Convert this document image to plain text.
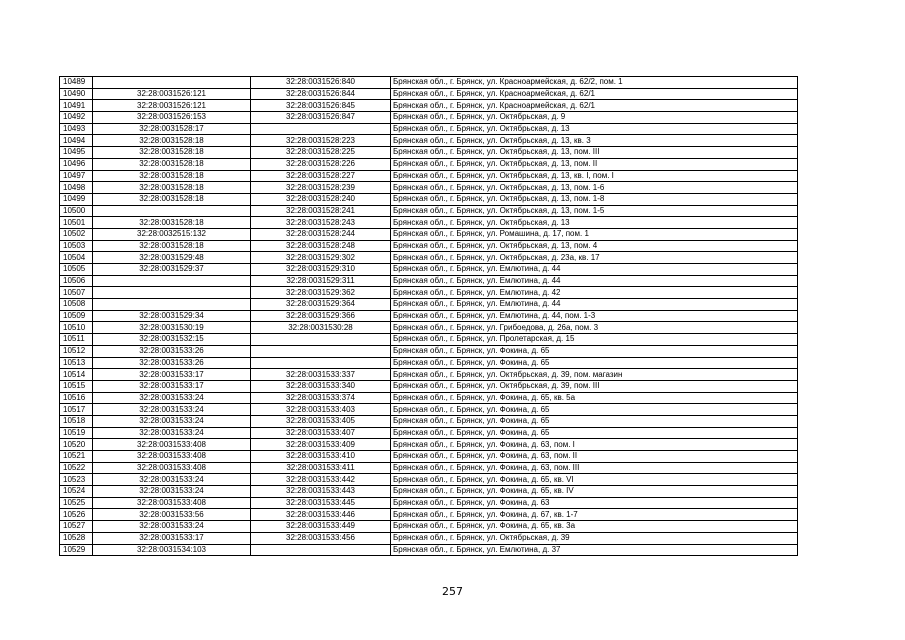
10489		32:28:0031526:840	Брянская обл., г. Брянск, ул. Красноармейская, д. 62/2, пом. 1
10490	32:28:0031526:121	32:28:0031526:844	Брянская обл., г. Брянск, ул. Красноармейская, д. 62/1
10491	32:28:0031526:121	32:28:0031526:845	Брянская обл., г. Брянск, ул. Красноармейская, д. 62/1
10492	32:28:0031526:153	32:28:0031526:847	Брянская обл., г. Брянск, ул. Октябрьская, д. 9
10493	32:28:0031528:17		Брянская обл., г. Брянск, ул. Октябрьская, д. 13
10494	32:28:0031528:18	32:28:0031528:223	Брянская обл., г. Брянск, ул. Октябрьская, д. 13, кв. 3
10495	32:28:0031528:18	32:28:0031528:225	Брянская обл., г. Брянск, ул. Октябрьская, д. 13, пом. III
10496	32:28:0031528:18	32:28:0031528:226	Брянская обл., г. Брянск, ул. Октябрьская, д. 13, пом. II
10497	32:28:0031528:18	32:28:0031528:227	Брянская обл., г. Брянск, ул. Октябрьская, д. 13, кв. I, пом. I
10498	32:28:0031528:18	32:28:0031528:239	Брянская обл., г. Брянск, ул. Октябрьская, д. 13, пом. 1-6
10499	32:28:0031528:18	32:28:0031528:240	Брянская обл., г. Брянск, ул. Октябрьская, д. 13, пом. 1-8
10500		32:28:0031528:241	Брянская обл., г. Брянск, ул. Октябрьская, д. 13, пом. 1-5
10501	32:28:0031528:18	32:28:0031528:243	Брянская обл., г. Брянск, ул. Октябрьская, д. 13
10502	32:28:0032515:132	32:28:0031528:244	Брянская обл., г. Брянск, ул. Ромашина, д. 17, пом. 1
10503	32:28:0031528:18	32:28:0031528:248	Брянская обл., г. Брянск, ул. Октябрьская, д. 13, пом. 4
10504	32:28:0031529:48	32:28:0031529:302	Брянская обл., г. Брянск, ул. Октябрьская, д. 23а, кв. 17
10505	32:28:0031529:37	32:28:0031529:310	Брянская обл., г. Брянск, ул. Емлютина, д. 44
10506		32:28:0031529:311	Брянская обл., г. Брянск, ул. Емлютина, д. 44
10507		32:28:0031529:362	Брянская обл., г. Брянск, ул. Емлютина, д. 42
10508		32:28:0031529:364	Брянская обл., г. Брянск, ул. Емлютина, д. 44
10509	32:28:0031529:34	32:28:0031529:366	Брянская обл., г. Брянск, ул. Емлютина, д. 44, пом. 1-3
10510	32:28:0031530:19	32:28:0031530:28	Брянская обл., г. Брянск, ул. Грибоедова, д. 26а, пом. 3
10511	32:28:0031532:15		Брянская обл., г. Брянск, ул. Пролетарская, д. 15
10512	32:28:0031533:26		Брянская обл., г. Брянск, ул. Фокина, д. 65
10513	32:28:0031533:26		Брянская обл., г. Брянск, ул. Фокина, д. 65
10514	32:28:0031533:17	32:28:0031533:337	Брянская обл., г. Брянск, ул. Октябрьская, д. 39, пом. магазин
10515	32:28:0031533:17	32:28:0031533:340	Брянская обл., г. Брянск, ул. Октябрьская, д. 39, пом. III
10516	32:28:0031533:24	32:28:0031533:374	Брянская обл., г. Брянск, ул. Фокина, д. 65, кв. 5а
10517	32:28:0031533:24	32:28:0031533:403	Брянская обл., г. Брянск, ул. Фокина, д. 65
10518	32:28:0031533:24	32:28:0031533:405	Брянская обл., г. Брянск, ул. Фокина, д. 65
10519	32:28:0031533:24	32:28:0031533:407	Брянская обл., г. Брянск, ул. Фокина, д. 65
10520	32:28:0031533:408	32:28:0031533:409	Брянская обл., г. Брянск, ул. Фокина, д. 63, пом. I
10521	32:28:0031533:408	32:28:0031533:410	Брянская обл., г. Брянск, ул. Фокина, д. 63, пом. II
10522	32:28:0031533:408	32:28:0031533:411	Брянская обл., г. Брянск, ул. Фокина, д. 63, пом. III
10523	32:28:0031533:24	32:28:0031533:442	Брянская обл., г. Брянск, ул. Фокина, д. 65, кв. VI
10524	32:28:0031533:24	32:28:0031533:443	Брянская обл., г. Брянск, ул. Фокина, д. 65, кв. IV
10525	32:28:0031533:408	32:28:0031533:445	Брянская обл., г. Брянск, ул. Фокина, д. 63
10526	32:28:0031533:56	32:28:0031533:446	Брянская обл., г. Брянск, ул. Фокина, д. 67, кв. 1-7
10527	32:28:0031533:24	32:28:0031533:449	Брянская обл., г. Брянск, ул. Фокина, д. 65, кв. 3а
10528	32:28:0031533:17	32:28:0031533:456	Брянская обл., г. Брянск, ул. Октябрьская, д. 39
10529	32:28:0031534:103		Брянская обл., г. Брянск, ул. Емлютина, д. 37
257
